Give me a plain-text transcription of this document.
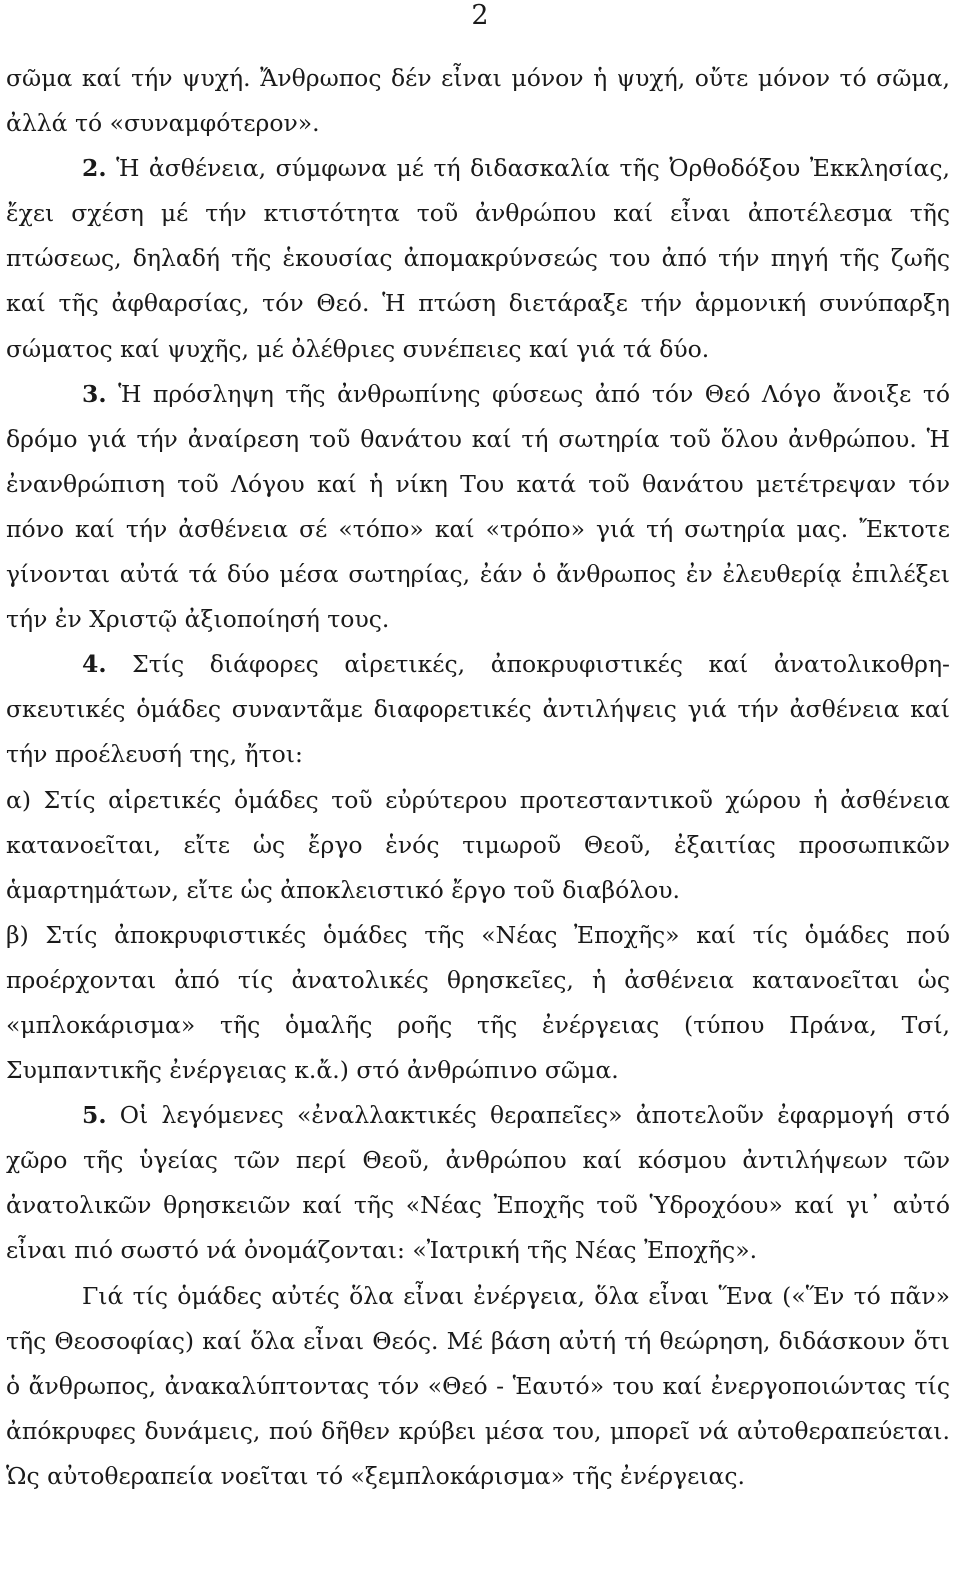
2

σῶμα καί τήν ψυχή. Ἄνθρωπος δέν εἶναι μόνον ἡ ψυχή, οὔτε μόνον τό σῶμα, ἀλλά τό «συναμφότερον».

2. Ἡ ἀσθένεια, σύμφωνα μέ τή διδασκαλία τῆς Ὀρθοδόξου Ἐκκλησίας, ἔχει σχέση μέ τήν κτιστότητα τοῦ ἀνθρώπου καί εἶναι ἀποτέλεσμα τῆς πτώσεως, δηλαδή τῆς ἑκουσίας ἀπομακρύνσεώς του ἀπό τήν πηγή τῆς ζωῆς καί τῆς ἀφθαρσίας, τόν Θεό. Ἡ πτώση διετάραξε τήν ἁρμονική συνύπαρξη σώματος καί ψυχῆς, μέ ὀλέθριες συνέπειες καί γιά τά δύο.

3. Ἡ πρόσληψη τῆς ἀνθρωπίνης φύσεως ἀπό τόν Θεό Λόγο ἄνοιξε τό δρόμο γιά τήν ἀναίρεση τοῦ θανάτου καί τή σωτηρία τοῦ ὅλου ἀνθρώπου. Ἡ ἐνανθρώπιση τοῦ Λόγου καί ἡ νίκη Του κατά τοῦ θανάτου μετέτρεψαν τόν πόνο καί τήν ἀσθένεια σέ «τόπο» καί «τρόπο» γιά τή σωτηρία μας. Ἔκτοτε γίνονται αὐτά τά δύο μέσα σωτηρίας, ἐάν ὁ ἄνθρωπος ἐν ἐλευθερίᾳ ἐπιλέξει τήν ἐν Χριστῷ ἀξιοποίησή τους.

4. Στίς διάφορες αἱρετικές, ἀποκρυφιστικές καί ἀνατολικοθρησκευτικές ὁμάδες συναντᾶμε διαφορετικές ἀντιλήψεις γιά τήν ἀσθένεια καί τήν προέλευσή της, ἤτοι:

α) Στίς αἱρετικές ὁμάδες τοῦ εὐρύτερου προτεσταντικοῦ χώρου ἡ ἀσθένεια κατανοεῖται, εἴτε ὡς ἔργο ἑνός τιμωροῦ Θεοῦ, ἐξαιτίας προσωπικῶν ἁμαρτημάτων, εἴτε ὡς ἀποκλειστικό ἔργο τοῦ διαβόλου.

β) Στίς ἀποκρυφιστικές ὁμάδες τῆς «Νέας Ἐποχῆς» καί τίς ὁμάδες πού προέρχονται ἀπό τίς ἀνατολικές θρησκεῖες, ἡ ἀσθένεια κατανοεῖται ὡς «μπλοκάρισμα» τῆς ὁμαλῆς ροῆς τῆς ἐνέργειας (τύπου Πράνα, Τσί, Συμπαντικῆς ἐνέργειας κ.ἄ.) στό ἀνθρώπινο σῶμα.

5. Οἱ λεγόμενες «ἐναλλακτικές θεραπεῖες» ἀποτελοῦν ἐφαρμογή στό χῶρο τῆς ὑγείας τῶν περί Θεοῦ, ἀνθρώπου καί κόσμου ἀντιλήψεων τῶν ἀνατολικῶν θρησκειῶν καί τῆς «Νέας Ἐποχῆς τοῦ Ὑδροχόου» καί γι᾽ αὐτό εἶναι πιό σωστό νά ὀνομάζονται: «Ἰατρική τῆς Νέας Ἐποχῆς».

Γιά τίς ὁμάδες αὐτές ὅλα εἶναι ἐνέργεια, ὅλα εἶναι Ἕνα («Ἕν τό πᾶν» τῆς Θεοσοφίας) καί ὅλα εἶναι Θεός. Μέ βάση αὐτή τή θεώρηση, διδάσκουν ὅτι ὁ ἄνθρωπος, ἀνακαλύπτοντας τόν «Θεό - Ἑαυτό» του καί ἐνεργοποιώντας τίς ἀπόκρυφες δυνάμεις, πού δῆθεν κρύβει μέσα του, μπορεῖ νά αὐτοθεραπεύεται. Ὡς αὐτοθεραπεία νοεῖται τό «ξεμπλοκάρισμα» τῆς ἐνέργειας.
